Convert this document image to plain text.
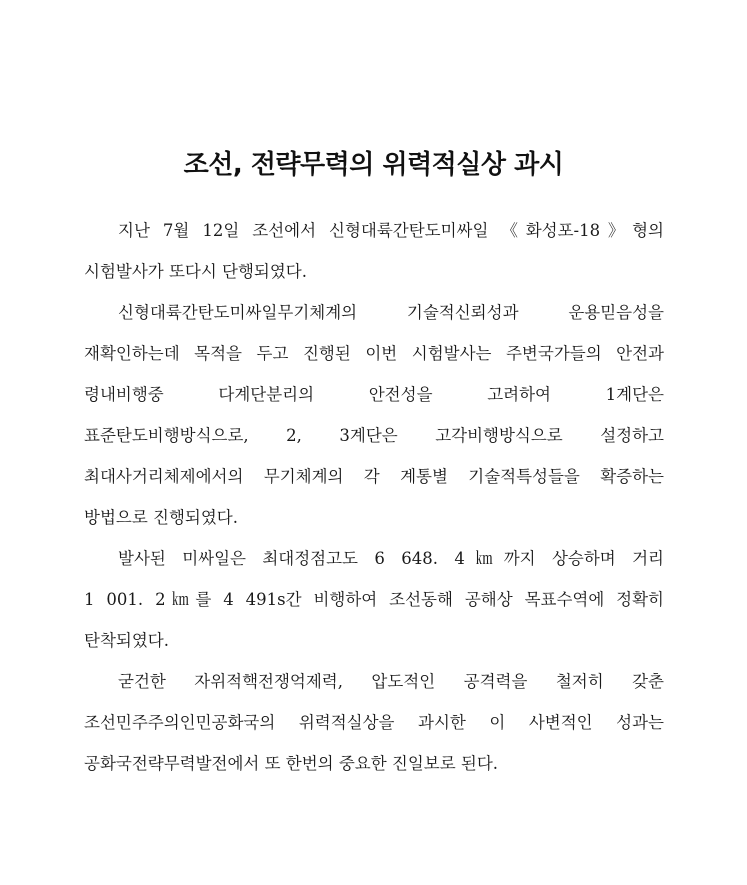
조선, 전략무력의 위력적실상 과시
지난 7월 12일 조선에서 신형대륙간탄도미싸일 《화성포-18》형의
시험발사가 또다시 단행되였다.
신형대륙간탄도미싸일무기체계의 기술적신뢰성과 운용믿음성을
재확인하는데 목적을 두고 진행된 이번 시험발사는 주변국가들의 안전과
령내비행중 다계단분리의 안전성을 고려하여 1계단은
표준탄도비행방식으로, 2, 3계단은 고각비행방식으로 설정하고
최대사거리체제에서의 무기체계의 각 계통별 기술적특성들을 확증하는
방법으로 진행되였다.
발사된 미싸일은 최대정점고도 6 648. 4㎞까지 상승하며 거리
1 001. 2㎞를 4 491s간 비행하여 조선동해 공해상 목표수역에 정확히
탄착되였다.
굳건한 자위적핵전쟁억제력, 압도적인 공격력을 철저히 갖춘
조선민주주의인민공화국의 위력적실상을 과시한 이 사변적인 성과는
공화국전략무력발전에서 또 한번의 중요한 진일보로 된다.
